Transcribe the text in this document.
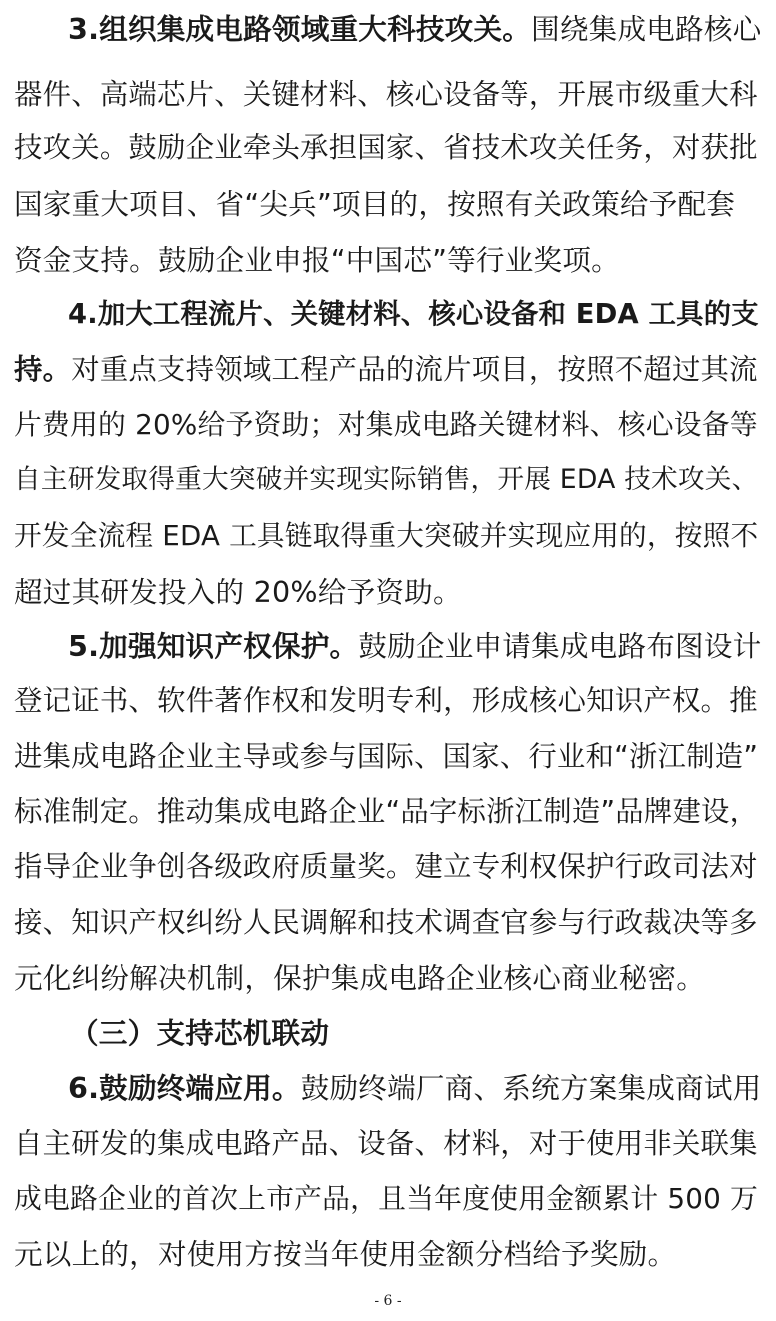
3.组织集成电路领域重大科技攻关。围绕集成电路核心
器件、高端芯片、关键材料、核心设备等，开展市级重大科
技攻关。鼓励企业牵头承担国家、省技术攻关任务，对获批
国家重大项目、省“尖兵”项目的，按照有关政策给予配套
资金支持。鼓励企业申报“中国芯”等行业奖项。
4.加大工程流片、关键材料、核心设备和 EDA 工具的支
持。对重点支持领域工程产品的流片项目，按照不超过其流
片费用的 20%给予资助；对集成电路关键材料、核心设备等
自主研发取得重大突破并实现实际销售，开展 EDA 技术攻关、
开发全流程 EDA 工具链取得重大突破并实现应用的，按照不
超过其研发投入的 20%给予资助。
5.加强知识产权保护。鼓励企业申请集成电路布图设计
登记证书、软件著作权和发明专利，形成核心知识产权。推
进集成电路企业主导或参与国际、国家、行业和“浙江制造”
标准制定。推动集成电路企业“品字标浙江制造”品牌建设，
指导企业争创各级政府质量奖。建立专利权保护行政司法对
接、知识产权纠纷人民调解和技术调查官参与行政裁决等多
元化纠纷解决机制，保护集成电路企业核心商业秘密。
（三）支持芯机联动
6.鼓励终端应用。鼓励终端厂商、系统方案集成商试用
自主研发的集成电路产品、设备、材料，对于使用非关联集
成电路企业的首次上市产品，且当年度使用金额累计 500 万
元以上的，对使用方按当年使用金额分档给予奖励。
- 6 -
